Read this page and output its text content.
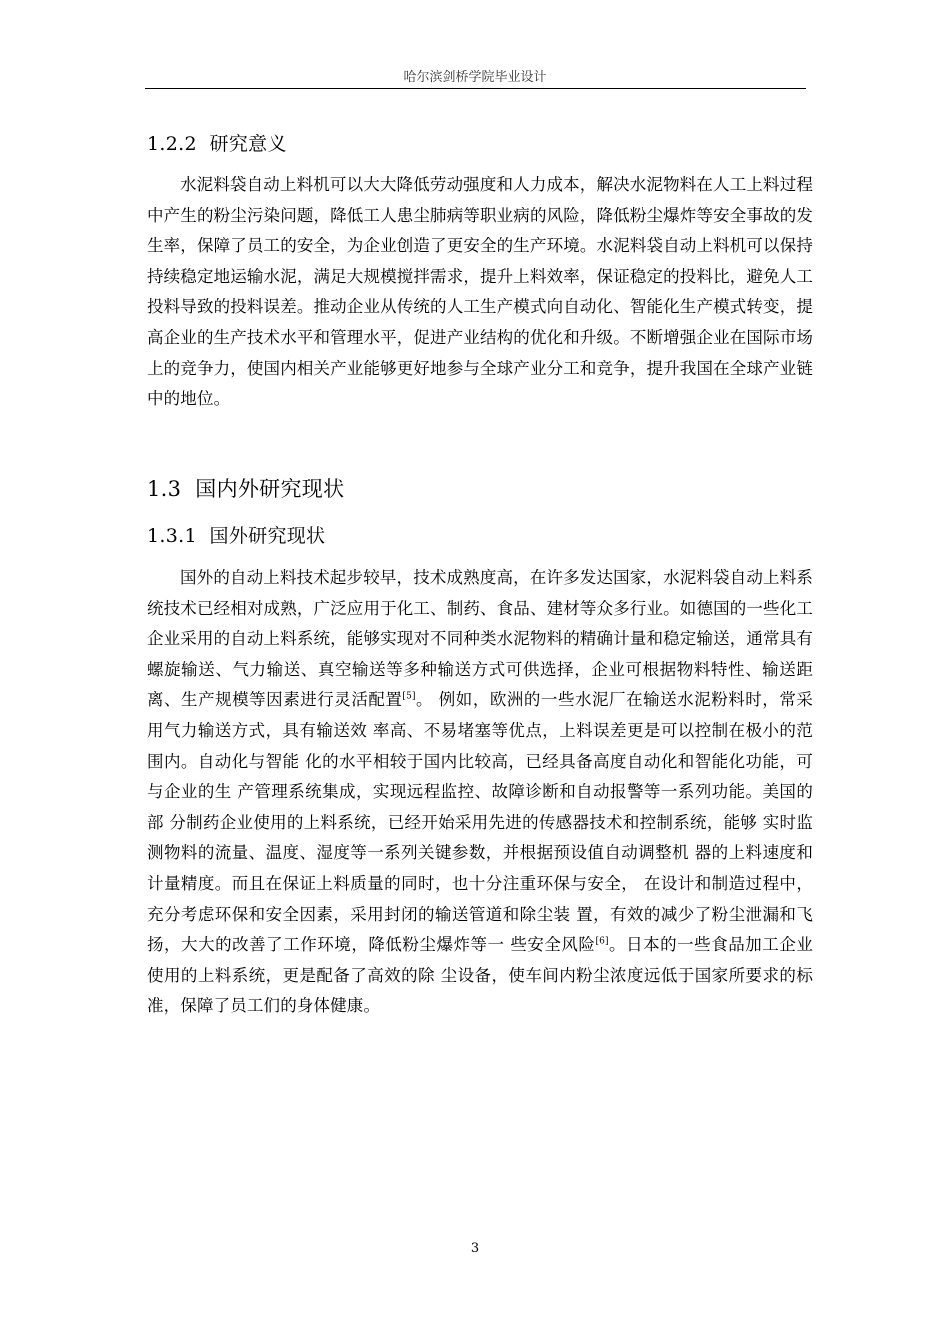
哈尔滨剑桥学院毕业设计
1.2.2 研究意义

水泥料袋自动上料机可以大大降低劳动强度和人力成本，解决水泥物料在人工上料过程中产生的粉尘污染问题，降低工人患尘肺病等职业病的风险，降低粉尘爆炸等安全事故的发生率，保障了员工的安全，为企业创造了更安全的生产环境。水泥料袋自动上料机可以保持持续稳定地运输水泥，满足大规模搅拌需求，提升上料效率，保证稳定的投料比，避免人工投料导致的投料误差。推动企业从传统的人工生产模式向自动化、智能化生产模式转变，提高企业的生产技术水平和管理水平，促进产业结构的优化和升级。不断增强企业在国际市场上的竞争力，使国内相关产业能够更好地参与全球产业分工和竞争，提升我国在全球产业链中的地位。

1.3 国内外研究现状
1.3.1 国外研究现状

国外的自动上料技术起步较早，技术成熟度高，在许多发达国家，水泥料袋自动上料系统技术已经相对成熟，广泛应用于化工、制药、食品、建材等众多行业。如德国的一些化工企业采用的自动上料系统，能够实现对不同种类水泥物料的精确计量和稳定输送，通常具有螺旋输送、气力输送、真空输送等多种输送方式可供选择，企业可根据物料特性、输送距离、生产规模等因素进行灵活配置[5]。 例如，欧洲的一些水泥厂在输送水泥粉料时，常采用气力输送方式，具有输送效 率高、不易堵塞等优点，上料误差更是可以控制在极小的范围内。自动化与智能 化的水平相较于国内比较高，已经具备高度自动化和智能化功能，可与企业的生 产管理系统集成，实现远程监控、故障诊断和自动报警等一系列功能。美国的部 分制药企业使用的上料系统，已经开始采用先进的传感器技术和控制系统，能够 实时监测物料的流量、温度、湿度等一系列关键参数，并根据预设值自动调整机 器的上料速度和计量精度。而且在保证上料质量的同时，也十分注重环保与安全， 在设计和制造过程中，充分考虑环保和安全因素，采用封闭的输送管道和除尘装 置，有效的减少了粉尘泄漏和飞扬，大大的改善了工作环境，降低粉尘爆炸等一 些安全风险[6]。日本的一些食品加工企业使用的上料系统，更是配备了高效的除 尘设备，使车间内粉尘浓度远低于国家所要求的标准，保障了员工们的身体健康。

3
